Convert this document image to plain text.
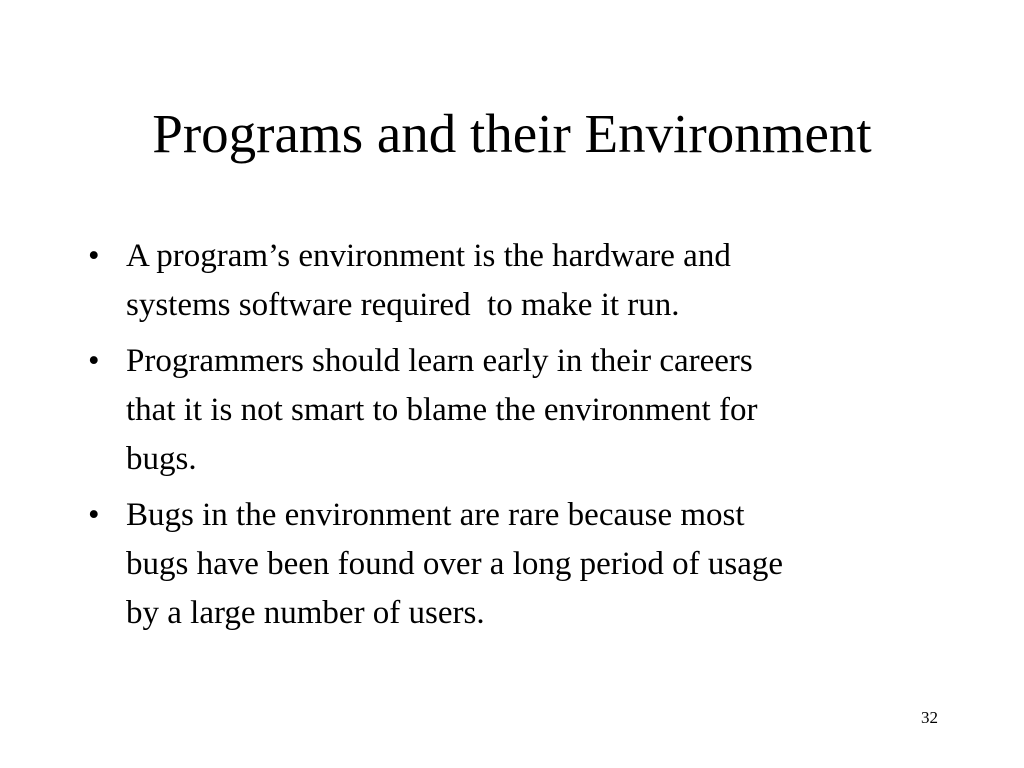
Programs and their Environment
• A program’s environment is the hardware and
systems software required  to make it run.
• Programmers should learn early in their careers
that it is not smart to blame the environment for
bugs.
• Bugs in the environment are rare because most
bugs have been found over a long period of usage
by a large number of users.
32
